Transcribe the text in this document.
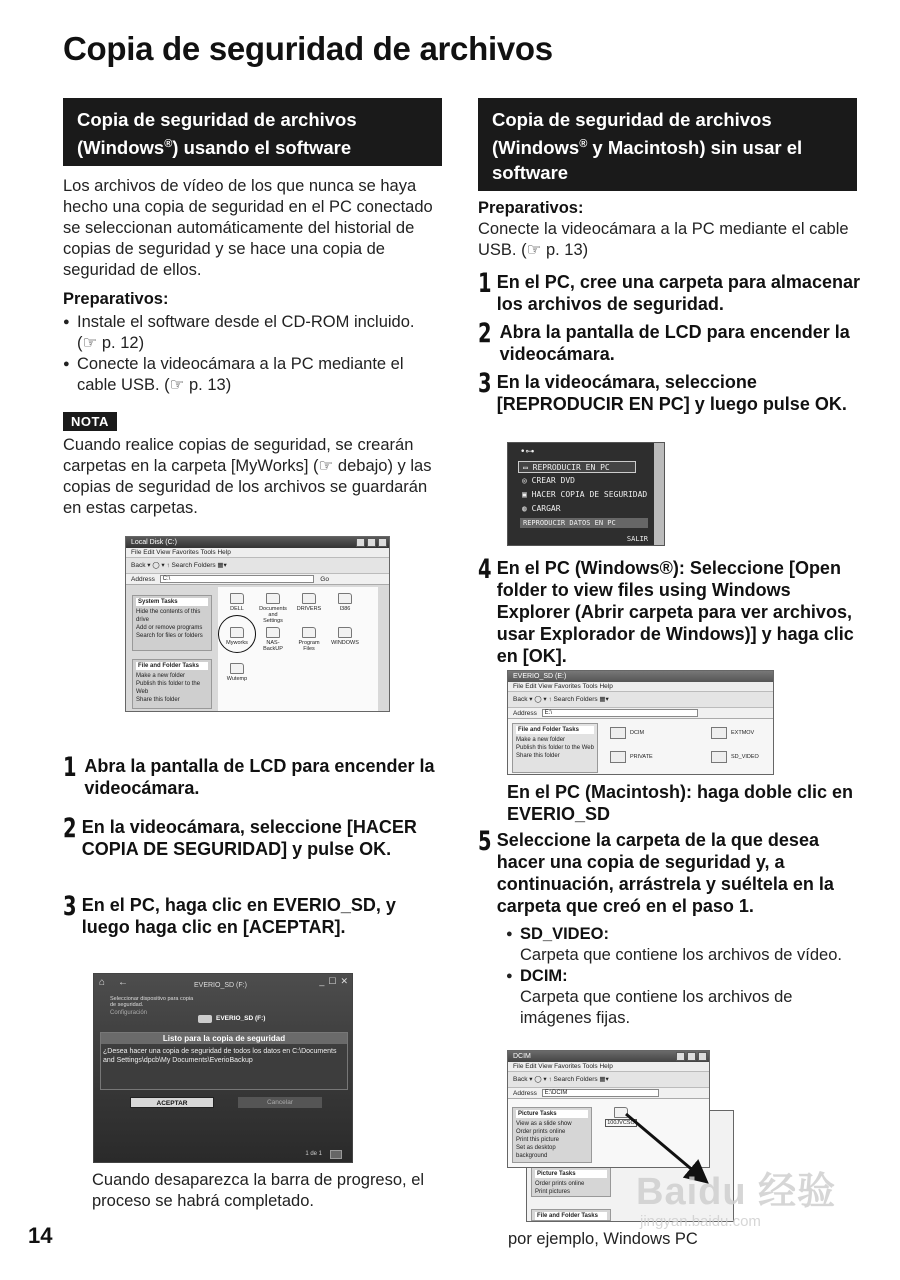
Copia de seguridad de archivos
Copia de seguridad de archivos
(Windows®) usando el software

Los archivos de vídeo de los que nunca se haya hecho una copia de seguridad en el PC conectado se seleccionan automáticamente del historial de copias de seguridad y se hace una copia de seguridad de ellos.

Preparativos:
● Instale el software desde el CD-ROM incluido. (☞ p. 12)
● Conecte la videocámara a la PC mediante el cable USB. (☞ p. 13)
NOTA

Cuando realice copias de seguridad, se crearán carpetas en la carpeta [MyWorks] (☞ debajo) y las copias de seguridad de los archivos se guardarán en estas carpetas.

Local Disk (C:)
File Edit View Favorites Tools Help
Back ▾ ◯ ▾ ↑ Search Folders ▦▾
Address C:\	Go
System Tasks
Hide the contents of this drive
Add or remove programs
Search for files or folders
File and Folder Tasks
Make a new folder
Publish this folder to the Web
Share this folder
DELL	Documents and Settings
DRIVERS	I386
Myworks	NAS-BackUP
Program Files
WINDOWS
Wutemp
1 Abra la pantalla de LCD para encender la videocámara.
2 En la videocámara, seleccione [HACER COPIA DE SEGURIDAD] y pulse OK.
3 En el PC, haga clic en EVERIO_SD, y luego haga clic en [ACEPTAR].
⌂ ←	EVERIO_SD (F:)	_ ☐ ✕
Seleccionar dispositivo para copia de seguridad.
Configuración
EVERIO_SD (F:)
Listo para la copia de seguridad
¿Desea hacer una copia de seguridad de todos los datos en C:\Documents and Settings\dpcb\My Documents\EverioBackup
ACEPTAR	Cancelar
1 de 1

Cuando desaparezca la barra de progreso, el proceso se habrá completado.

14
Copia de seguridad de archivos
(Windows® y Macintosh) sin usar el
software
Preparativos:

Conecte la videocámara a la PC mediante el cable USB. (☞ p. 13)

1 En el PC, cree una carpeta para almacenar los archivos de seguridad.
2 Abra la pantalla de LCD para encender la videocámara.
3 En la videocámara, seleccione [REPRODUCIR EN PC] y luego pulse OK.
•⊶
▭ REPRODUCIR EN PC
◎ CREAR DVD
▣ HACER COPIA DE SEGURIDAD
◍ CARGAR
REPRODUCIR DATOS EN PC
SALIR
4 En el PC (Windows®): Seleccione [Open folder to view files using Windows Explorer (Abrir carpeta para ver archivos, usar Explorador de Windows)] y haga clic en [OK].
EVERIO_SD (E:)
File Edit View Favorites Tools Help
Back ▾ ◯ ▾ ↑ Search Folders ▦▾
Address E:\
File and Folder Tasks
Make a new folder
Publish this folder to the Web
Share this folder
DCIM	EXTMOV
PRIVATE	SD_VIDEO
En el PC (Macintosh): haga doble clic en EVERIO_SD
5 Seleccione la carpeta de la que desea hacer una copia de seguridad y, a continuación, arrástrela y suéltela en la carpeta que creó en el paso 1.
● SD_VIDEO:
Carpeta que contiene los archivos de vídeo.
● DCIM:
Carpeta que contiene los archivos de imágenes fijas.
Picture Tasks
Order prints online
Print pictures
File and Folder Tasks
DCIM
File Edit View Favorites Tools Help
Back ▾ ◯ ▾ ↑ Search Folders ▦▾
Address E:\DCIM
Picture Tasks
View as a slide show
Order prints online
Print this picture
Set as desktop background
100JVCSO
Baidu 经验
jingyan.baidu.com
por ejemplo, Windows PC
